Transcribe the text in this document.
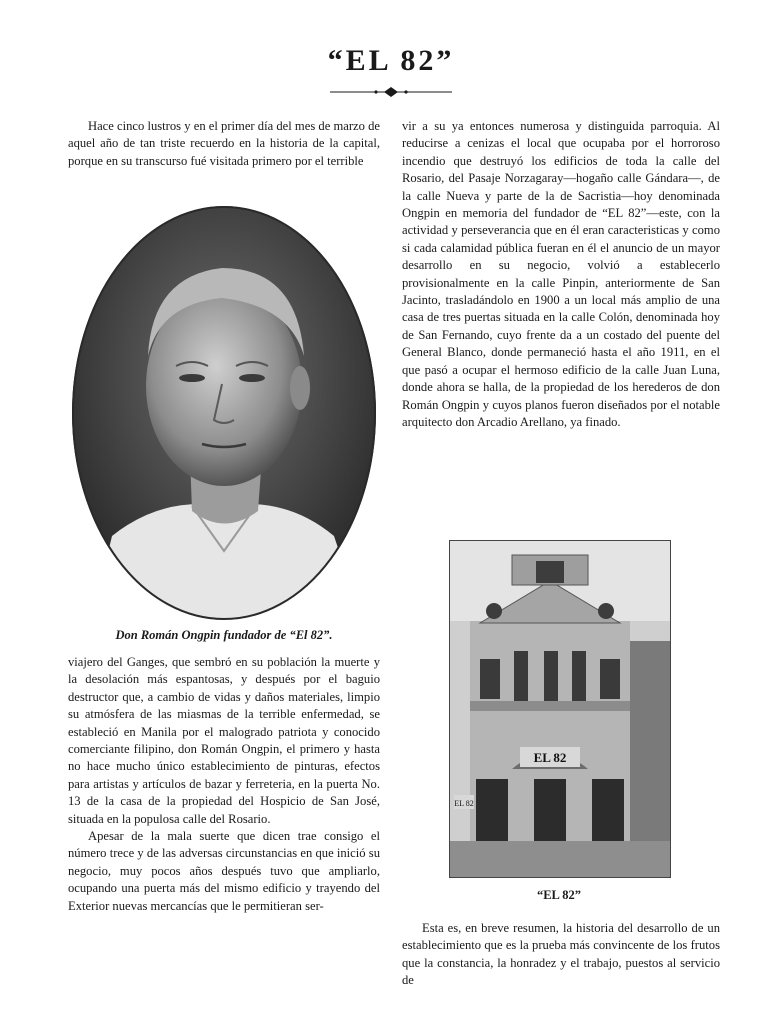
“EL 82”

Hace cinco lustros y en el primer día del mes de marzo de aquel año de tan triste recuerdo en la historia de la capital, porque en su transcurso fué visitada primero por el terrible

Don Román Ongpin fundador de “El 82”.

viajero del Ganges, que sembró en su población la muerte y la desolación más espantosas, y después por el baguio destructor que, a cambio de vidas y daños materiales, limpio su atmósfera de las miasmas de la terrible enfermedad, se estableció en Manila por el malogrado patriota y conocido comerciante filipino, don Román Ongpin, el primero y hasta no hace mucho único establecimiento de pinturas, efectos para artistas y artículos de bazar y ferreteria, en la puerta No. 13 de la casa de la propiedad del Hospicio de San José, situada en la populosa calle del Rosario.

Apesar de la mala suerte que dicen trae consigo el número trece y de las adversas circunstancias en que inició su negocio, muy pocos años después tuvo que ampliarlo, ocupando una puerta más del mismo edificio y trayendo del Exterior nuevas mercancías que le permitieran ser-

vir a su ya entonces numerosa y distinguida parroquia. Al reducirse a cenizas el local que ocupaba por el horroroso incendio que destruyó los edificios de toda la calle del Rosario, del Pasaje Norzagaray—hogaño calle Gándara—, de la calle Nueva y parte de la de Sacristia—hoy denominada Ongpin en memoria del fundador de “EL 82”—este, con la actividad y perseverancia que en él eran caracteristicas y como si cada calamidad pública fueran en él el anuncio de un mayor desarrollo en su negocio, volvió a establecerlo provisionalmente en la calle Pinpin, anteriormente de San Jacinto, trasladándolo en 1900 a un local más amplio de una casa de tres puertas situada en la calle Colón, denominada hoy de San Fernando, cuyo frente da a un costado del puente del General Blanco, donde permaneció hasta el año 1911, en el que pasó a ocupar el hermoso edificio de la calle Juan Luna, donde ahora se halla, de la propiedad de los herederos de don Román Ongpin y cuyos planos fueron diseñados por el notable arquitecto don Arcadio Arellano, ya finado.

EL 82
EL 82
“EL 82”

Esta es, en breve resumen, la historia del desarrollo de un establecimiento que es la prueba más convincente de los frutos que la constancia, la honradez y el trabajo, puestos al servicio de
